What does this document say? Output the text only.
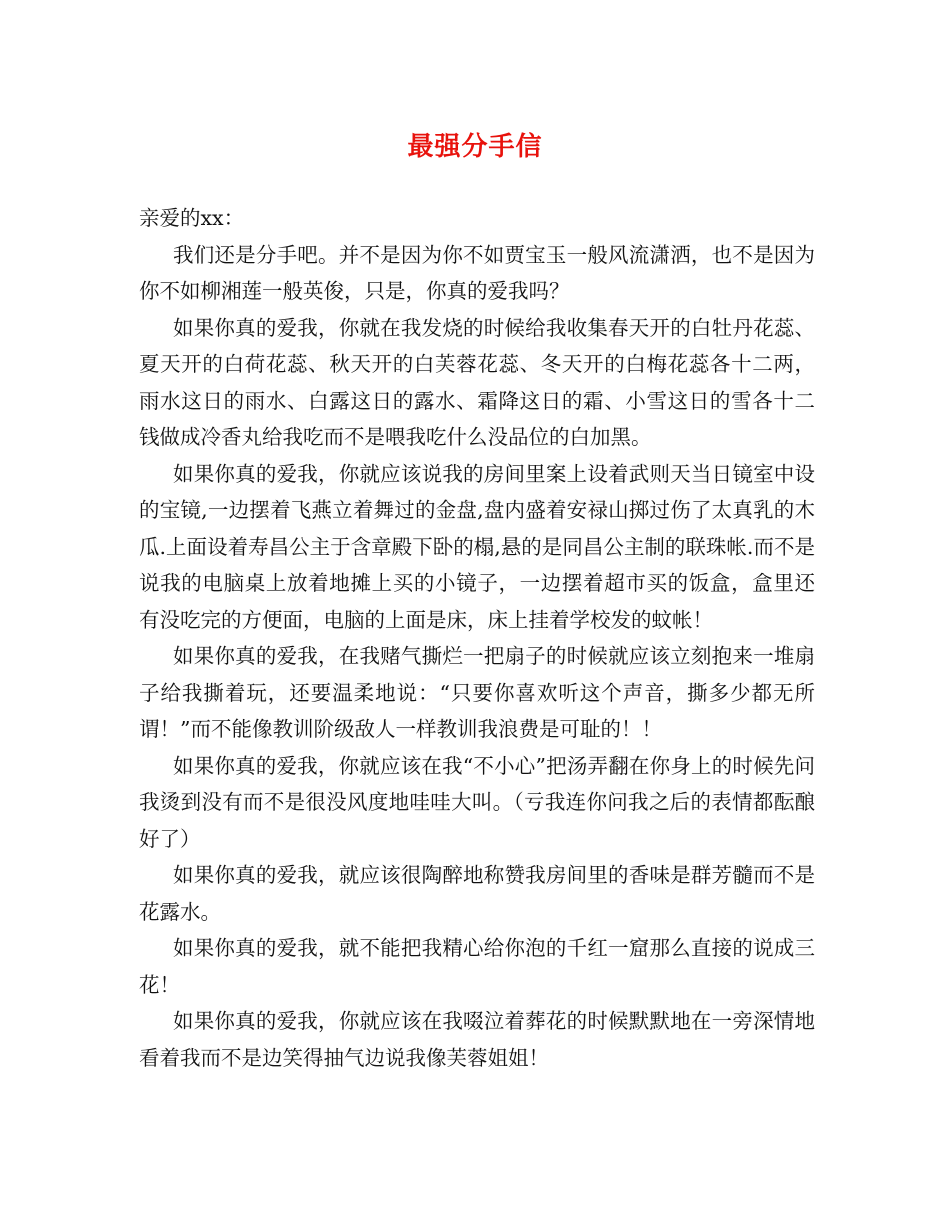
最强分手信

亲爱的xx：

我们还是分手吧。并不是因为你不如贾宝玉一般风流潇洒，也不是因为你不如柳湘莲一般英俊，只是，你真的爱我吗？

如果你真的爱我，你就在我发烧的时候给我收集春天开的白牡丹花蕊、夏天开的白荷花蕊、秋天开的白芙蓉花蕊、冬天开的白梅花蕊各十二两，雨水这日的雨水、白露这日的露水、霜降这日的霜、小雪这日的雪各十二钱做成冷香丸给我吃而不是喂我吃什么没品位的白加黑。

如果你真的爱我，你就应该说我的房间里案上设着武则天当日镜室中设的宝镜,一边摆着飞燕立着舞过的金盘,盘内盛着安禄山掷过伤了太真乳的木瓜.上面设着寿昌公主于含章殿下卧的榻,悬的是同昌公主制的联珠帐.而不是说我的电脑桌上放着地摊上买的小镜子，一边摆着超市买的饭盒，盒里还有没吃完的方便面，电脑的上面是床，床上挂着学校发的蚊帐！

如果你真的爱我，在我赌气撕烂一把扇子的时候就应该立刻抱来一堆扇子给我撕着玩，还要温柔地说：“只要你喜欢听这个声音，撕多少都无所谓！”而不能像教训阶级敌人一样教训我浪费是可耻的！！

如果你真的爱我，你就应该在我“不小心”把汤弄翻在你身上的时候先问我烫到没有而不是很没风度地哇哇大叫。（亏我连你问我之后的表情都酝酿好了）

如果你真的爱我，就应该很陶醉地称赞我房间里的香味是群芳髓而不是花露水。

如果你真的爱我，就不能把我精心给你泡的千红一窟那么直接的说成三花！

如果你真的爱我，你就应该在我啜泣着葬花的时候默默地在一旁深情地看着我而不是边笑得抽气边说我像芙蓉姐姐！
